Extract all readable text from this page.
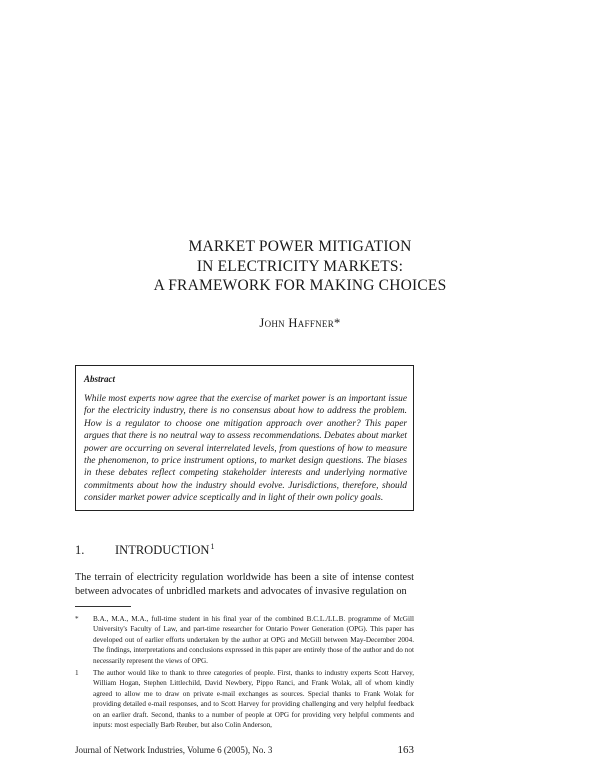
MARKET POWER MITIGATION
IN ELECTRICITY MARKETS:
A FRAMEWORK FOR MAKING CHOICES
John Haffner*
Abstract
While most experts now agree that the exercise of market power is an important issue for the electricity industry, there is no consensus about how to address the problem. How is a regulator to choose one mitigation approach over another? This paper argues that there is no neutral way to assess recommendations. Debates about market power are occurring on several interrelated levels, from questions of how to measure the phenomenon, to price instrument options, to market design questions. The biases in these debates reflect competing stakeholder interests and underlying normative commitments about how the industry should evolve. Jurisdictions, therefore, should consider market power advice sceptically and in light of their own policy goals.
1. INTRODUCTION$^1$
The terrain of electricity regulation worldwide has been a site of intense contest between advocates of unbridled markets and advocates of invasive regulation on
*	B.A., M.A., M.A., full-time student in his final year of the combined B.C.L./LL.B. programme of McGill University's Faculty of Law, and part-time researcher for Ontario Power Generation (OPG). This paper has developed out of earlier efforts undertaken by the author at OPG and McGill between May-December 2004. The findings, interpretations and conclusions expressed in this paper are entirely those of the author and do not necessarily represent the views of OPG.
1	The author would like to thank to three categories of people. First, thanks to industry experts Scott Harvey, William Hogan, Stephen Littlechild, David Newbery, Pippo Ranci, and Frank Wolak, all of whom kindly agreed to allow me to draw on private e-mail exchanges as sources. Special thanks to Frank Wolak for providing detailed e-mail responses, and to Scott Harvey for providing challenging and very helpful feedback on an earlier draft. Second, thanks to a number of people at OPG for providing very helpful comments and inputs: most especially Barb Reuber, but also Colin Anderson,
Journal of Network Industries, Volume 6 (2005), No. 3	163
